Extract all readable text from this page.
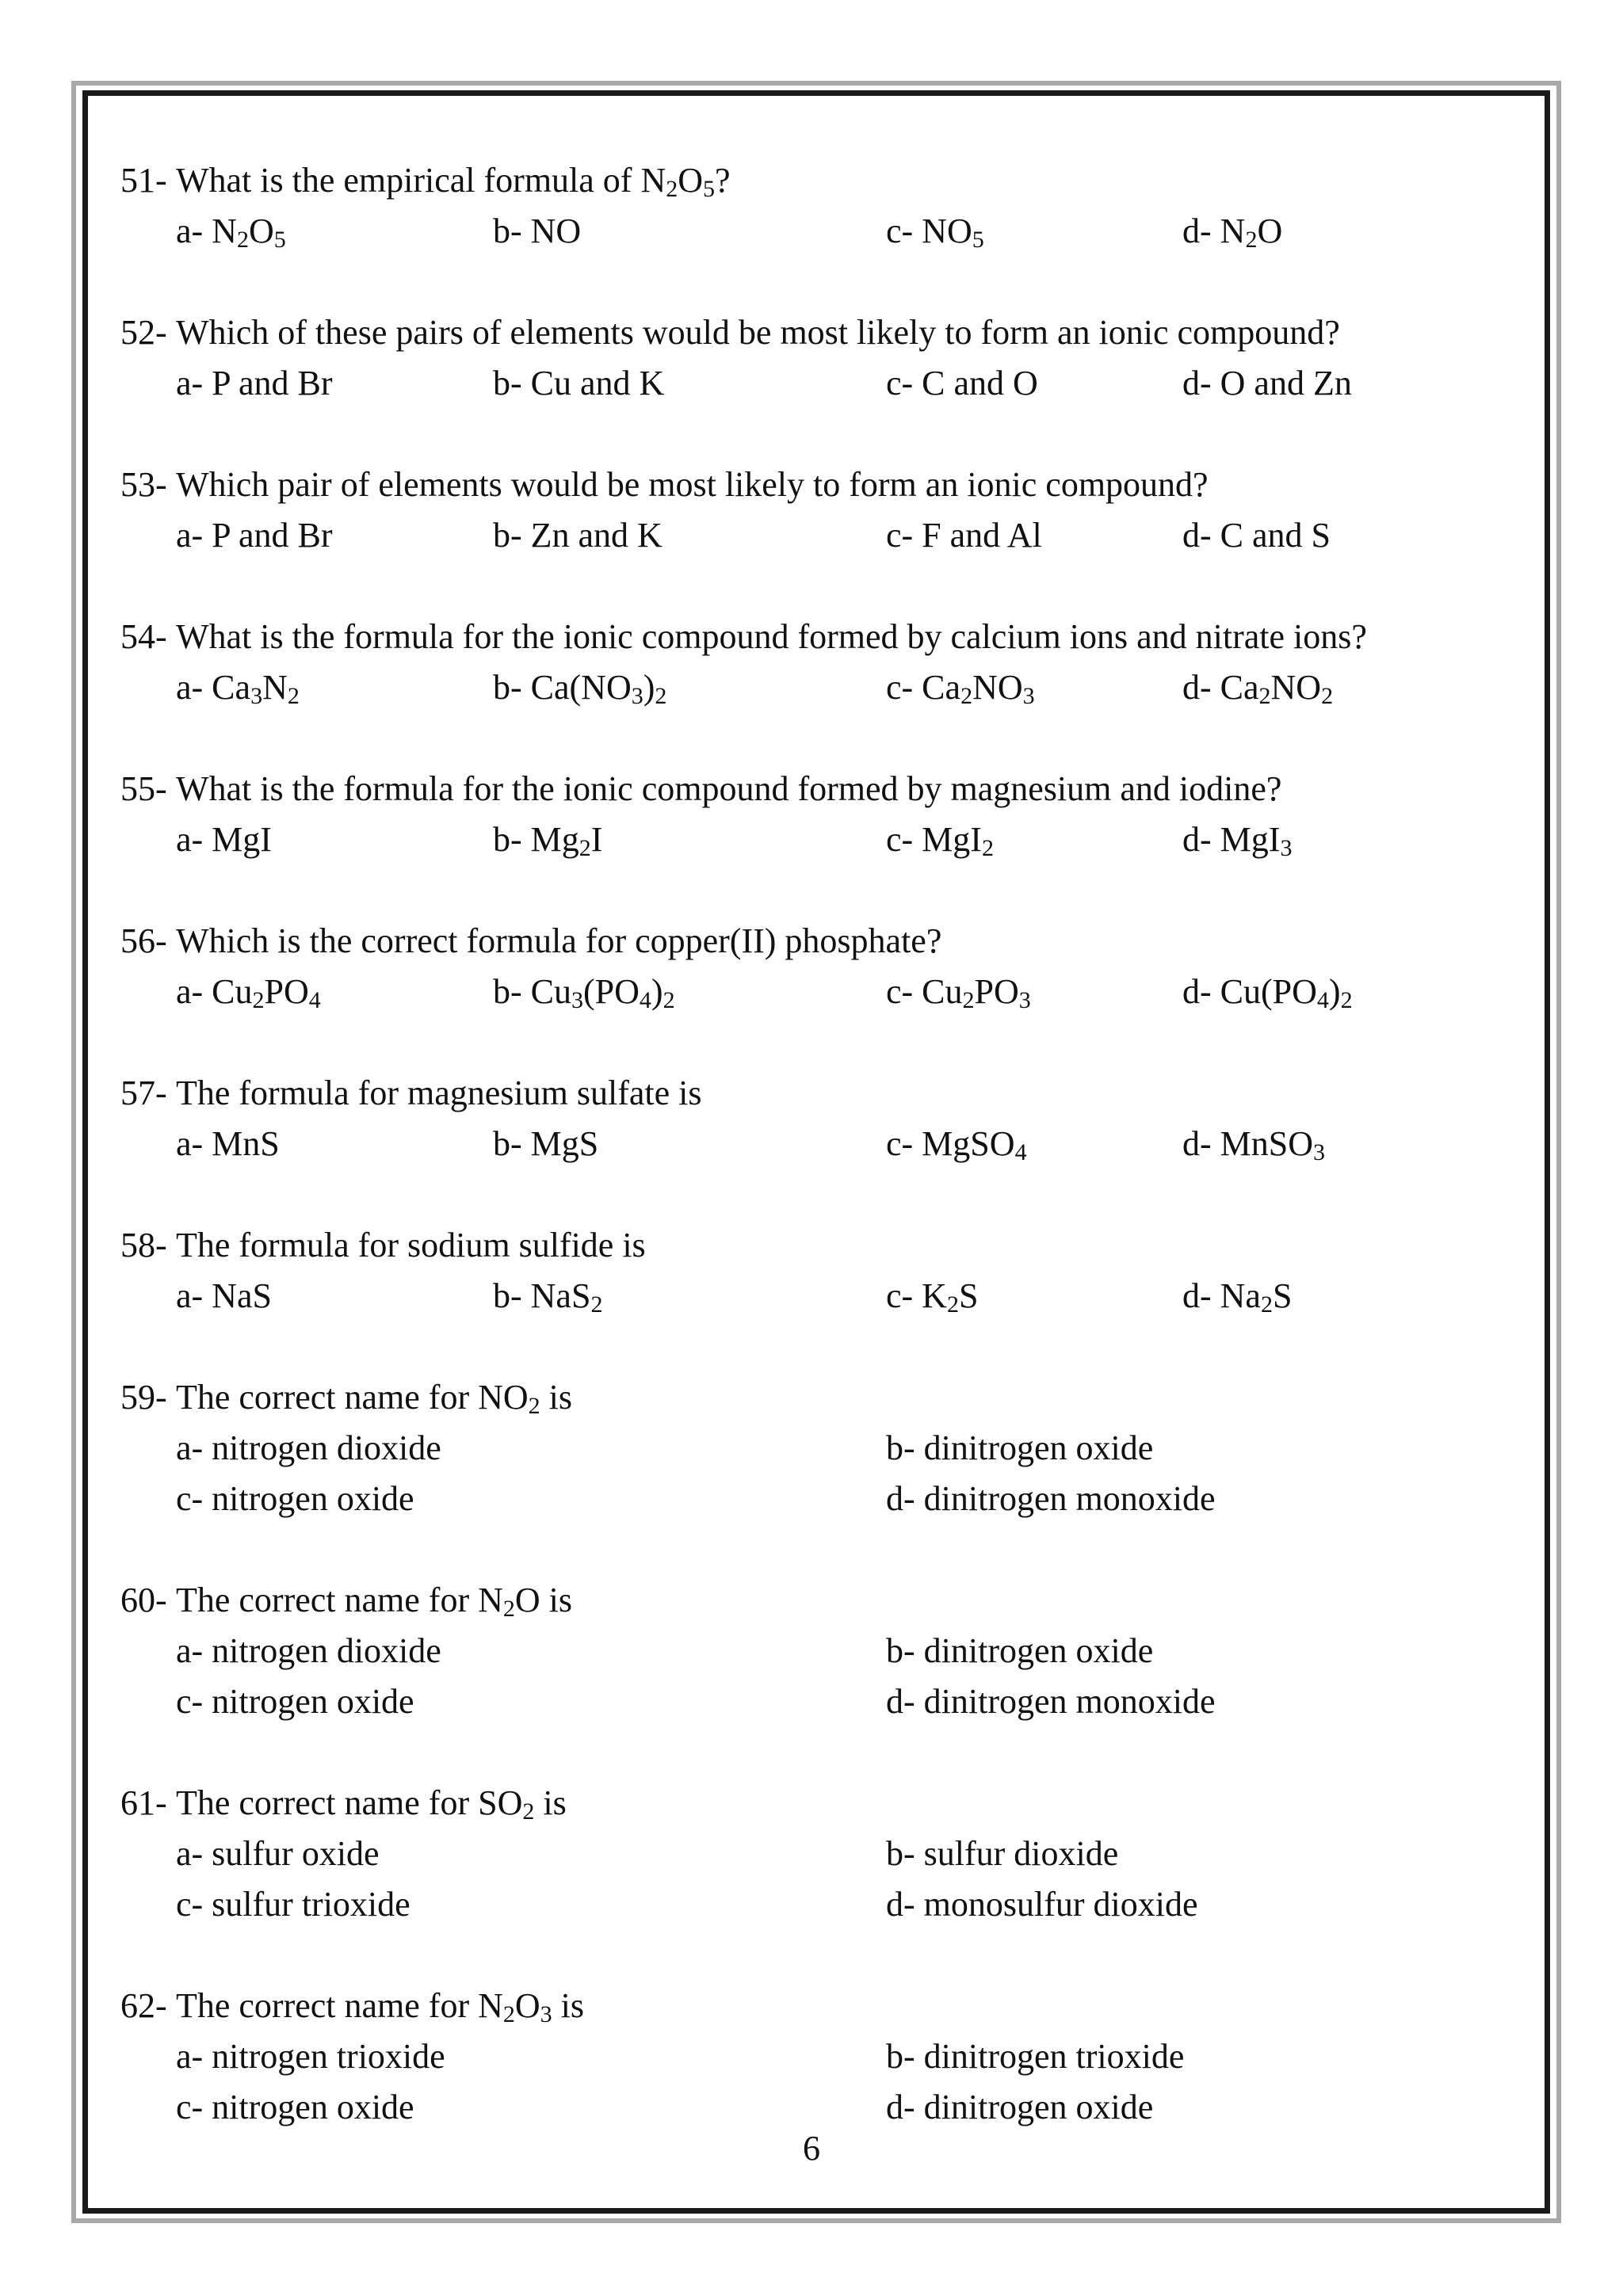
51- What is the empirical formula of $N_2O_5$?
a- $N_2O_5$	b- NO	c- $NO_5$	d- $N_2O$
52- Which of these pairs of elements would be most likely to form an ionic compound?
a- P and Br	b- Cu and K	c- C and O	d- O and Zn
53- Which pair of elements would be most likely to form an ionic compound?
a- P and Br	b- Zn and K	c- F and Al	d- C and S
54- What is the formula for the ionic compound formed by calcium ions and nitrate ions?
a- $Ca_3N_2$	b- $Ca(NO_3)_2$	c- $Ca_2NO_3$	d- $Ca_2NO_2$
55- What is the formula for the ionic compound formed by magnesium and iodine?
a- MgI	b- $Mg_2I$	c- MgI$_2$	d- MgI$_3$
56- Which is the correct formula for copper(II) phosphate?
a- $Cu_2PO_4$	b- $Cu_3(PO_4)_2$	c- $Cu_2PO_3$	d- $Cu(PO_4)_2$
57- The formula for magnesium sulfate is
a- MnS	b- MgS	c- MgSO$_4$	d- MnSO$_3$
58- The formula for sodium sulfide is
a- NaS	b- NaS$_2$	c- $K_2S$	d- $Na_2S$
59- The correct name for $NO_2$ is
a- nitrogen dioxide	b- dinitrogen oxide
c- nitrogen oxide	d- dinitrogen monoxide
60- The correct name for $N_2O$ is
a- nitrogen dioxide	b- dinitrogen oxide
c- nitrogen oxide	d- dinitrogen monoxide
61- The correct name for $SO_2$ is
a- sulfur oxide	b- sulfur dioxide
c- sulfur trioxide	d- monosulfur dioxide
62- The correct name for $N_2O_3$ is
a- nitrogen trioxide	b- dinitrogen trioxide
c- nitrogen oxide	d- dinitrogen oxide
6
